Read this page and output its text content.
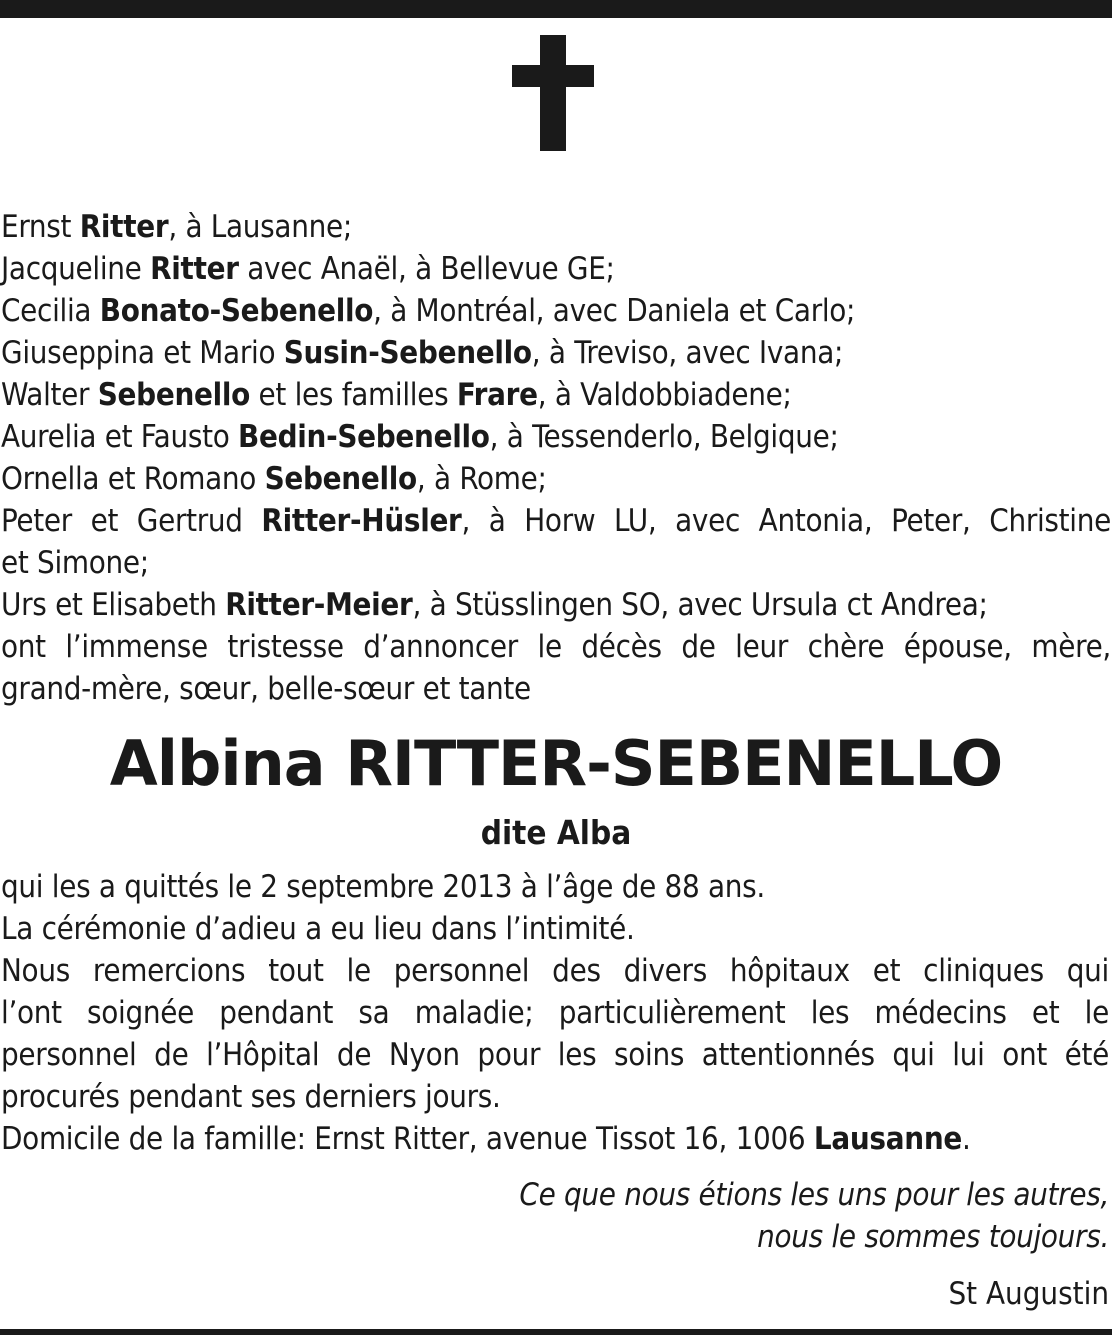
Ernst Ritter, à Lausanne;
Jacqueline Ritter avec Anaël, à Bellevue GE;
Cecilia Bonato-Sebenello, à Montréal, avec Daniela et Carlo;
Giuseppina et Mario Susin-Sebenello, à Treviso, avec Ivana;
Walter Sebenello et les familles Frare, à Valdobbiadene;
Aurelia et Fausto Bedin-Sebenello, à Tessenderlo, Belgique;
Ornella et Romano Sebenello, à Rome;
Peter et Gertrud Ritter-Hüsler, à Horw LU, avec Antonia, Peter, Christine
et Simone;
Urs et Elisabeth Ritter-Meier, à Stüsslingen SO, avec Ursula ct Andrea;
ont l’immense tristesse d’annoncer le décès de leur chère épouse, mère,
grand-mère, sœur, belle-sœur et tante
Albina RITTER-SEBENELLO
dite Alba
qui les a quittés le 2 septembre 2013 à l’âge de 88 ans.
La cérémonie d’adieu a eu lieu dans l’intimité.
Nous remercions tout le personnel des divers hôpitaux et cliniques qui
l’ont soignée pendant sa maladie; particulièrement les médecins et le
personnel de l’Hôpital de Nyon pour les soins attentionnés qui lui ont été
procurés pendant ses derniers jours.
Domicile de la famille: Ernst Ritter, avenue Tissot 16, 1006 Lausanne.
Ce que nous étions les uns pour les autres,
nous le sommes toujours.
St Augustin
